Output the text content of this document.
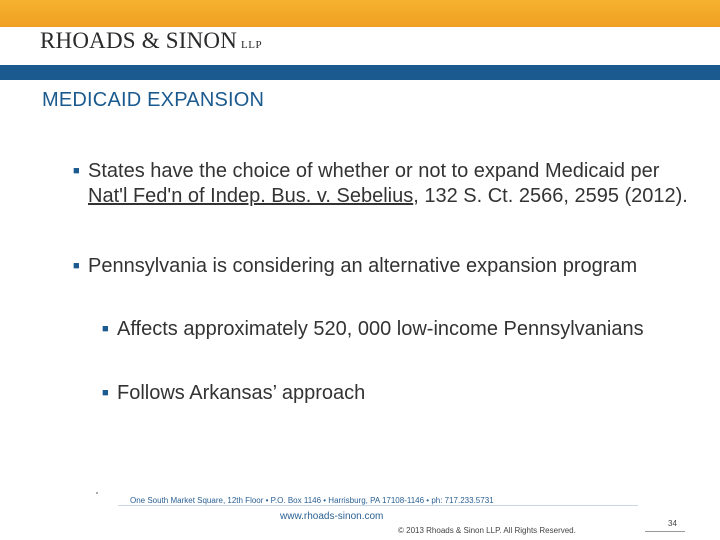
RHOADS & SINON LLP
MEDICAID EXPANSION
■ States have the choice of whether or not to expand Medicaid per Nat'l Fed'n of Indep. Bus. v. Sebelius, 132 S. Ct. 2566, 2595 (2012).
■ Pennsylvania is considering an alternative expansion program
■ Affects approximately 520, 000 low-income Pennsylvanians
■ Follows Arkansas’ approach
One South Market Square, 12th Floor • P.O. Box 1146 • Harrisburg, PA 17108-1146 • ph: 717.233.5731
www.rhoads-sinon.com
© 2013 Rhoads & Sinon LLP. All Rights Reserved.
34
